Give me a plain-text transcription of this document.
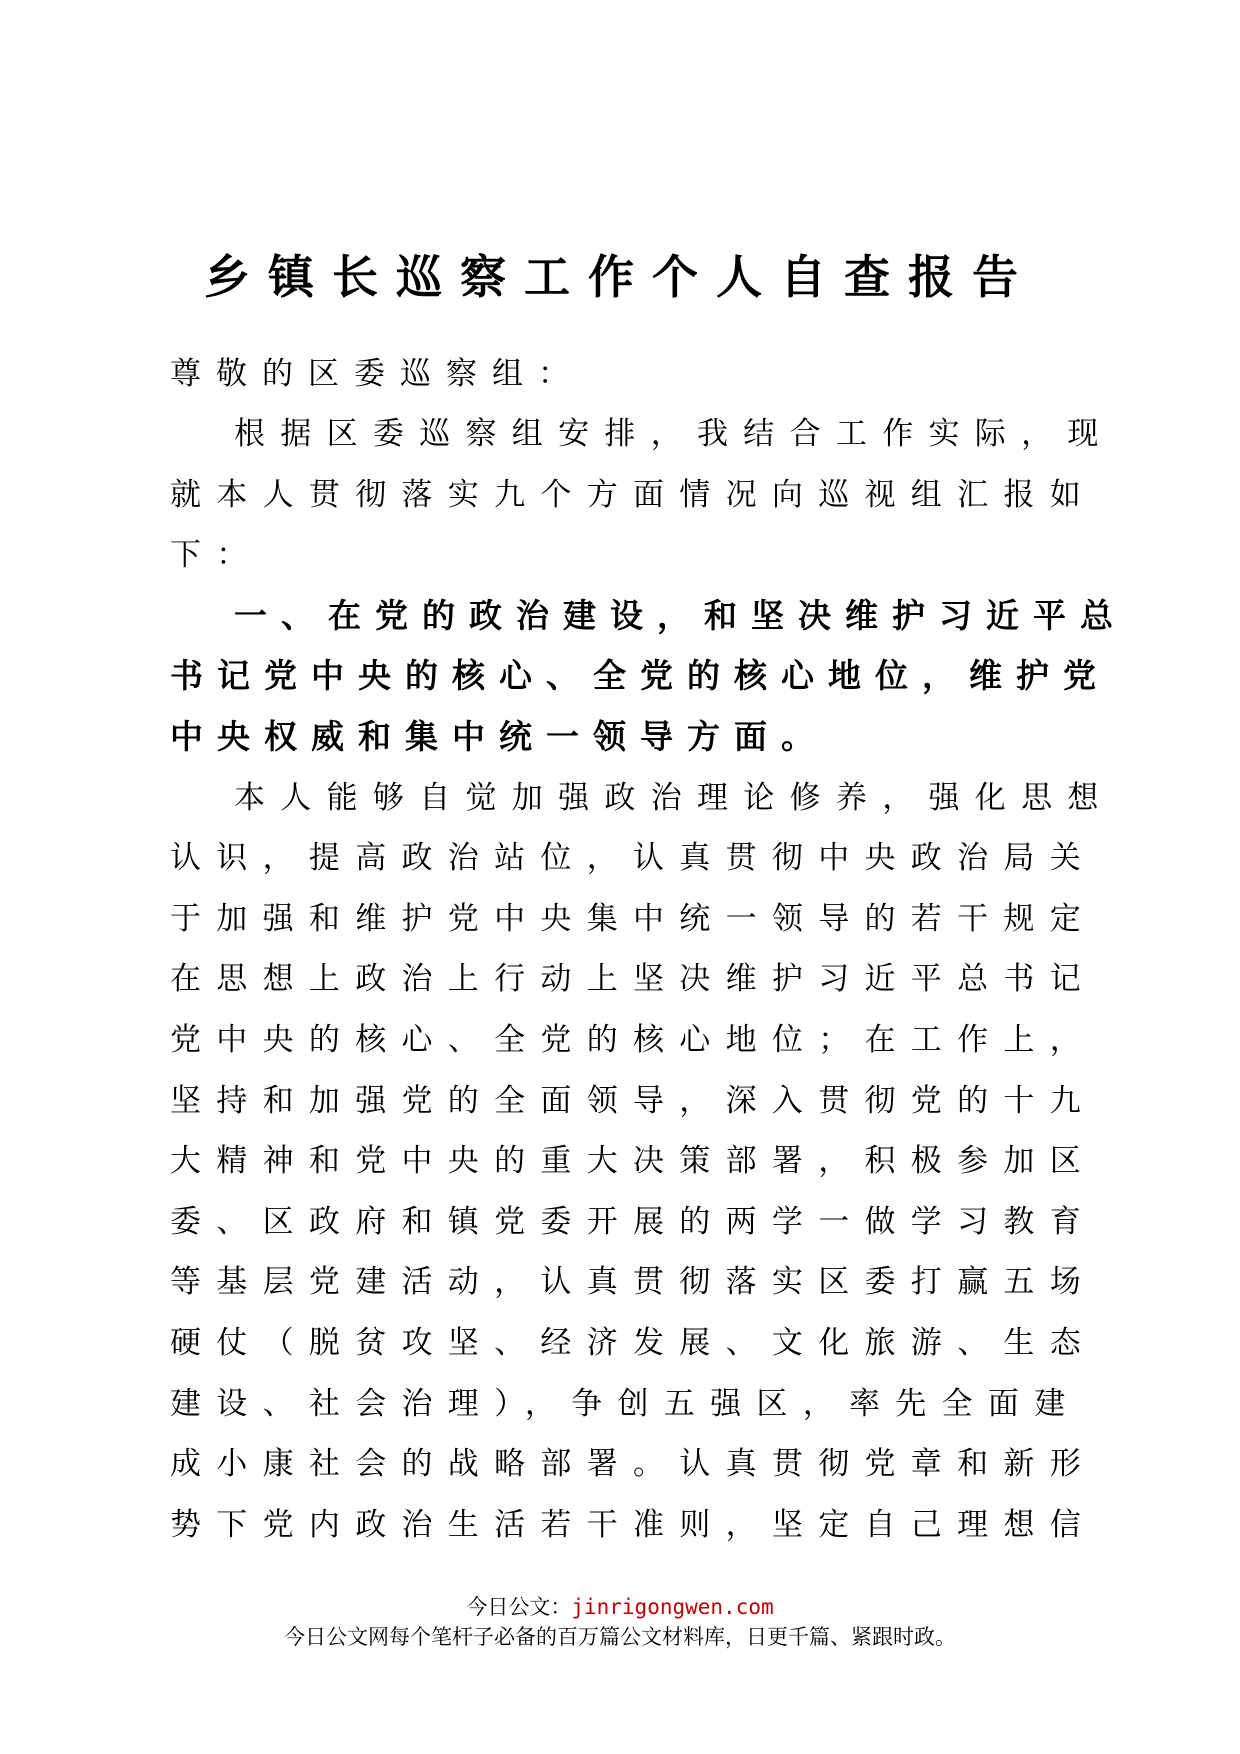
乡镇长巡察工作个人自查报告
尊敬的区委巡察组：
根据区委巡察组安排，我结合工作实际，现
就本人贯彻落实九个方面情况向巡视组汇报如
下：
一、在党的政治建设，和坚决维护习近平总
书记党中央的核心、全党的核心地位，维护党
中央权威和集中统一领导方面。
本人能够自觉加强政治理论修养，强化思想
认识，提高政治站位，认真贯彻中央政治局关
于加强和维护党中央集中统一领导的若干规定
在思想上政治上行动上坚决维护习近平总书记
党中央的核心、全党的核心地位；在工作上，
坚持和加强党的全面领导，深入贯彻党的十九
大精神和党中央的重大决策部署，积极参加区
委、区政府和镇党委开展的两学一做学习教育
等基层党建活动，认真贯彻落实区委打赢五场
硬仗（脱贫攻坚、经济发展、文化旅游、生态
建设、社会治理），争创五强区，率先全面建
成小康社会的战略部署。认真贯彻党章和新形
势下党内政治生活若干准则，坚定自己理想信
今日公文：jinrigongwen.com
今日公文网每个笔杆子必备的百万篇公文材料库，日更千篇、紧跟时政。
